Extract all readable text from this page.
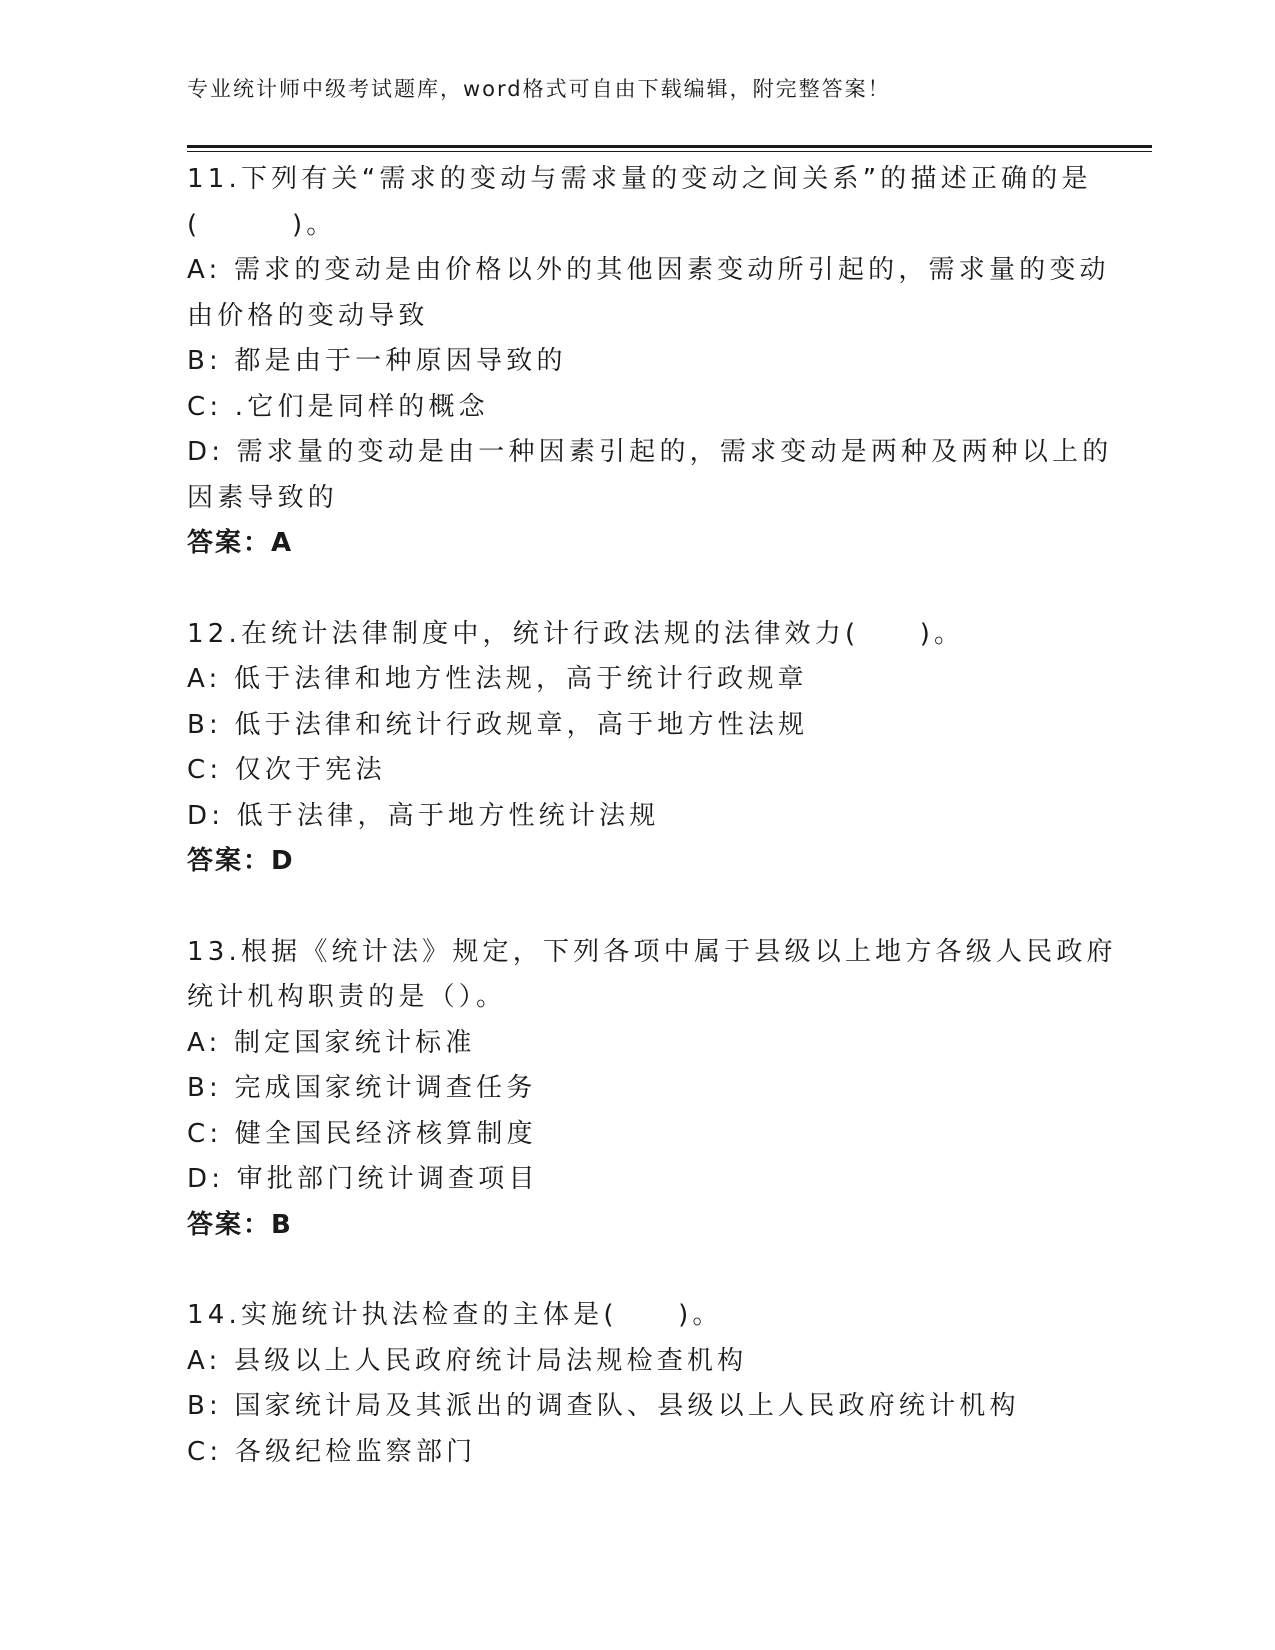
专业统计师中级考试题库，word格式可自由下载编辑，附完整答案！
11.下列有关“需求的变动与需求量的变动之间关系”的描述正确的是
(　　　)。
A: 需求的变动是由价格以外的其他因素变动所引起的，需求量的变动
由价格的变动导致
B: 都是由于一种原因导致的
C: .它们是同样的概念
D: 需求量的变动是由一种因素引起的，需求变动是两种及两种以上的
因素导致的
答案：A
12.在统计法律制度中，统计行政法规的法律效力(　　)。
A: 低于法律和地方性法规，高于统计行政规章
B: 低于法律和统计行政规章，高于地方性法规
C: 仅次于宪法
D: 低于法律，高于地方性统计法规
答案：D
13.根据《统计法》规定，下列各项中属于县级以上地方各级人民政府
统计机构职责的是（）。
A: 制定国家统计标准
B: 完成国家统计调查任务
C: 健全国民经济核算制度
D: 审批部门统计调查项目
答案：B
14.实施统计执法检查的主体是(　　)。
A: 县级以上人民政府统计局法规检查机构
B: 国家统计局及其派出的调查队、县级以上人民政府统计机构
C: 各级纪检监察部门
